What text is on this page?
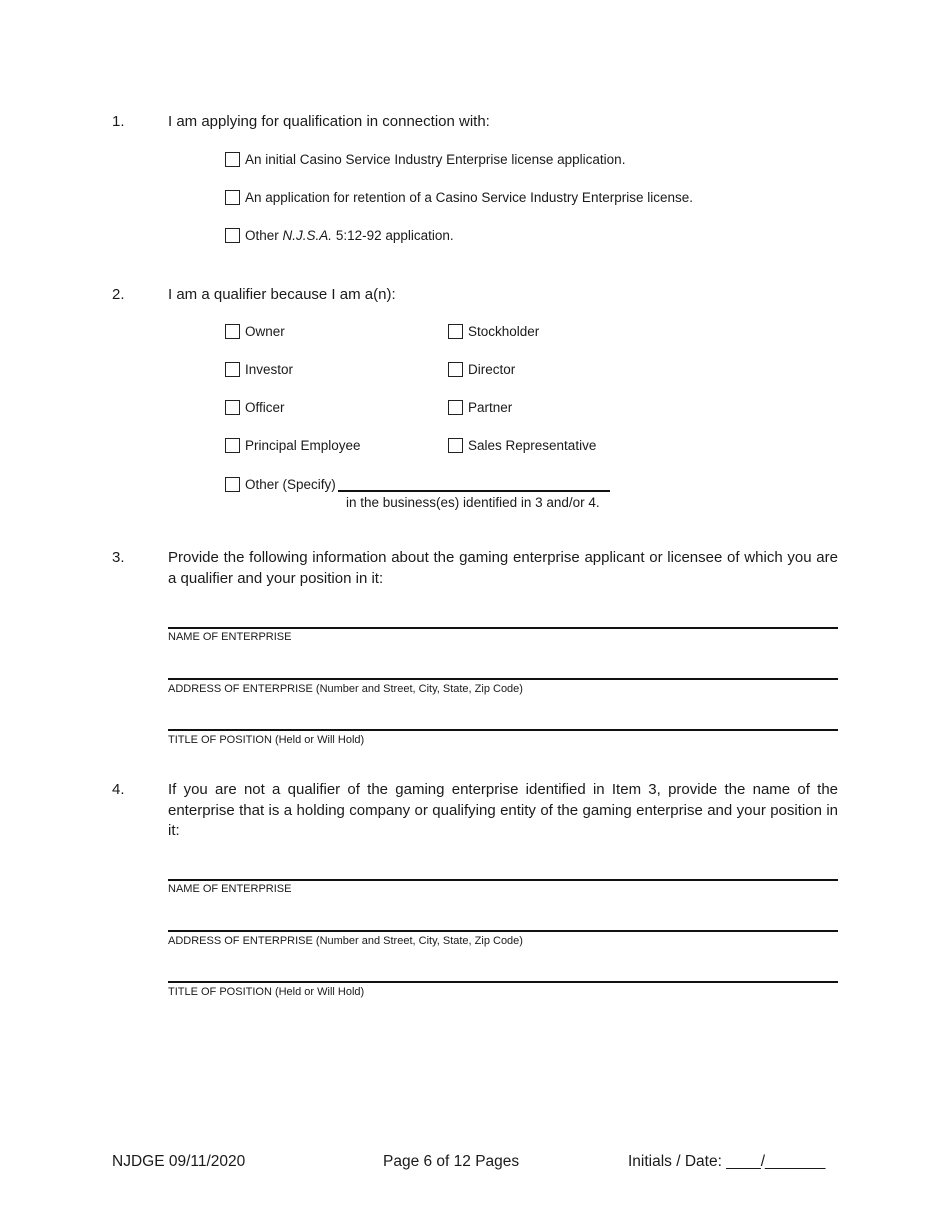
1.	I am applying for qualification in connection with:
An initial Casino Service Industry Enterprise license application.
An application for retention of a Casino Service Industry Enterprise license.
Other
N.J.S.A.
5:12-92 application.
2.	I am a qualifier because I am a(n):
Owner	Stockholder
Investor	Director
Officer	Partner
Principal Employee	Sales Representative
Other (Specify)
in the business(es) identified in 3 and/or 4.
3.	Provide the following information about the gaming enterprise applicant or licensee of which you are a qualifier and your position in it:
NAME OF ENTERPRISE
ADDRESS OF ENTERPRISE (Number and Street, City, State, Zip Code)
TITLE OF POSITION (Held or Will Hold)
4.	If you are not a qualifier of the gaming enterprise identified in Item 3, provide the name of the enterprise that is a holding company or qualifying entity of the gaming enterprise and your position in it:
NAME OF ENTERPRISE
ADDRESS OF ENTERPRISE (Number and Street, City, State, Zip Code)
TITLE OF POSITION (Held or Will Hold)
NJDGE 09/11/2020	Page 6 of 12 Pages	Initials / Date: ____/_______
